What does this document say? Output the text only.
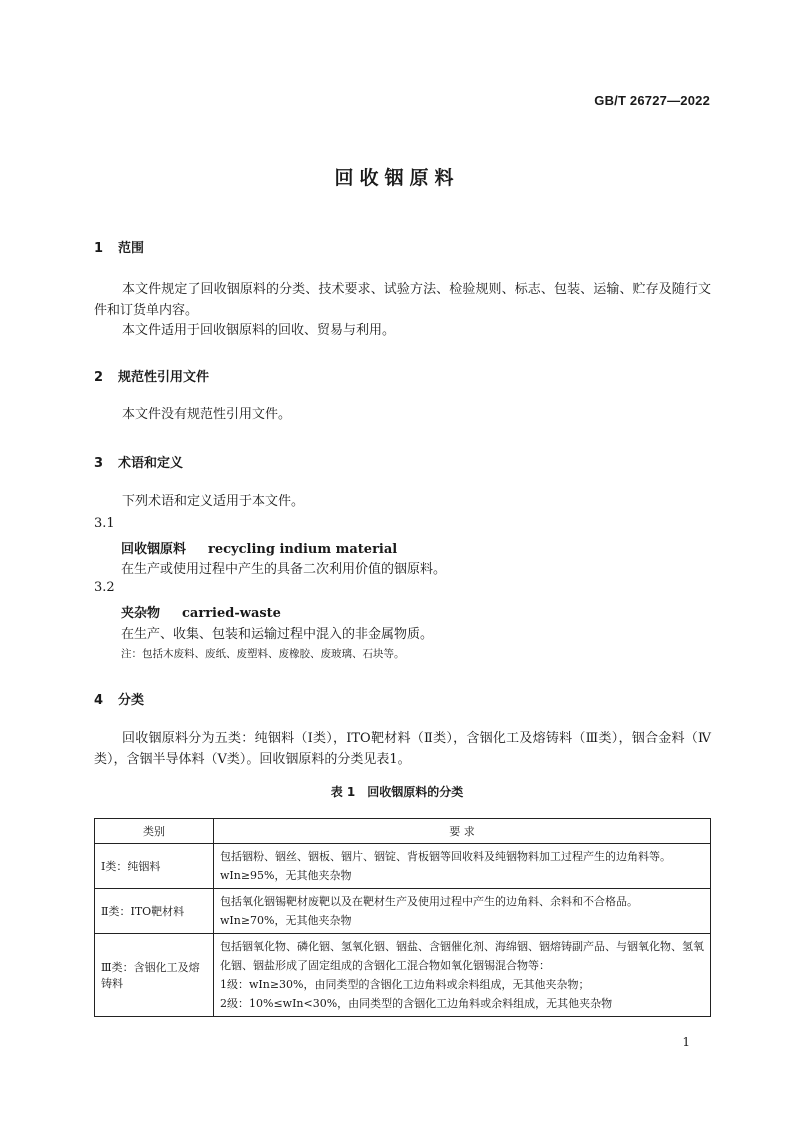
GB/T 26727—2022
回收铟原料
1 范围
本文件规定了回收铟原料的分类、技术要求、试验方法、检验规则、标志、包装、运输、贮存及随行文件和订货单内容。
本文件适用于回收铟原料的回收、贸易与利用。
2 规范性引用文件
本文件没有规范性引用文件。
3 术语和定义
下列术语和定义适用于本文件。
3.1
回收铟原料 recycling indium material
在生产或使用过程中产生的具备二次利用价值的铟原料。
3.2
夹杂物 carried-waste
在生产、收集、包装和运输过程中混入的非金属物质。
注：包括木废料、废纸、废塑料、废橡胶、废玻璃、石块等。
4 分类
回收铟原料分为五类：纯铟料（Ⅰ类），ITO靶材料（Ⅱ类），含铟化工及熔铸料（Ⅲ类），铟合金料（Ⅳ类），含铟半导体料（Ⅴ类）。回收铟原料的分类见表1。
表 1　回收铟原料的分类
类别	要 求
Ⅰ类：纯铟料	包括铟粉、铟丝、铟板、铟片、铟锭、背板铟等回收料及纯铟物料加工过程产生的边角料等。
wIn≥95%，无其他夹杂物

Ⅱ类：ITO靶材料	包括氧化铟锡靶材废靶以及在靶材生产及使用过程中产生的边角料、余料和不合格品。
wIn≥70%，无其他夹杂物

Ⅲ类：含铟化工及熔铸料	包括铟氧化物、磷化铟、氢氧化铟、铟盐、含铟催化剂、海绵铟、铟熔铸副产品、与铟氧化物、氢氧化铟、铟盐形成了固定组成的含铟化工混合物如氧化铟锡混合物等：
1级：wIn≥30%，由同类型的含铟化工边角料或余料组成，无其他夹杂物；
2级：10%≤wIn<30%，由同类型的含铟化工边角料或余料组成，无其他夹杂物
1
